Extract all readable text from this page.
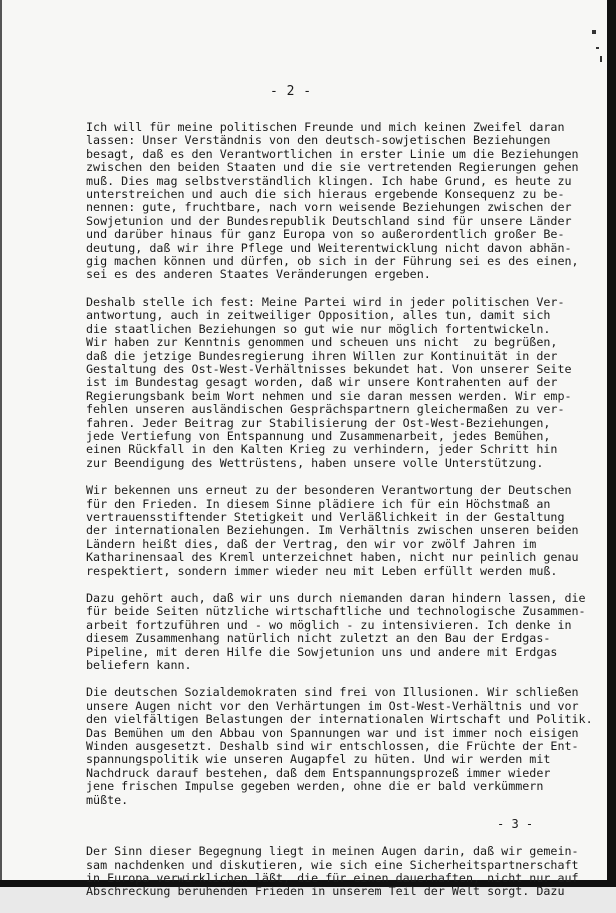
- 2 -

Ich will für meine politischen Freunde und mich keinen Zweifel daran
lassen: Unser Verständnis von den deutsch-sowjetischen Beziehungen
besagt, daß es den Verantwortlichen in erster Linie um die Beziehungen
zwischen den beiden Staaten und die sie vertretenden Regierungen gehen
muß. Dies mag selbstverständlich klingen. Ich habe Grund, es heute zu
unterstreichen und auch die sich hieraus ergebende Konsequenz zu be-
nennen: gute, fruchtbare, nach vorn weisende Beziehungen zwischen der
Sowjetunion und der Bundesrepublik Deutschland sind für unsere Länder
und darüber hinaus für ganz Europa von so außerordentlich großer Be-
deutung, daß wir ihre Pflege und Weiterentwicklung nicht davon abhän-
gig machen können und dürfen, ob sich in der Führung sei es des einen,
sei es des anderen Staates Veränderungen ergeben.

Deshalb stelle ich fest: Meine Partei wird in jeder politischen Ver-
antwortung, auch in zeitweiliger Opposition, alles tun, damit sich
die staatlichen Beziehungen so gut wie nur möglich fortentwickeln.
Wir haben zur Kenntnis genommen und scheuen uns nicht  zu begrüßen,
daß die jetzige Bundesregierung ihren Willen zur Kontinuität in der
Gestaltung des Ost-West-Verhältnisses bekundet hat. Von unserer Seite
ist im Bundestag gesagt worden, daß wir unsere Kontrahenten auf der
Regierungsbank beim Wort nehmen und sie daran messen werden. Wir emp-
fehlen unseren ausländischen Gesprächspartnern gleichermaßen zu ver-
fahren. Jeder Beitrag zur Stabilisierung der Ost-West-Beziehungen,
jede Vertiefung von Entspannung und Zusammenarbeit, jedes Bemühen,
einen Rückfall in den Kalten Krieg zu verhindern, jeder Schritt hin
zur Beendigung des Wettrüstens, haben unsere volle Unterstützung.

Wir bekennen uns erneut zu der besonderen Verantwortung der Deutschen
für den Frieden. In diesem Sinne plädiere ich für ein Höchstmaß an
vertrauensstiftender Stetigkeit und Verläßlichkeit in der Gestaltung
der internationalen Beziehungen. Im Verhältnis zwischen unseren beiden
Ländern heißt dies, daß der Vertrag, den wir vor zwölf Jahren im
Katharinensaal des Kreml unterzeichnet haben, nicht nur peinlich genau
respektiert, sondern immer wieder neu mit Leben erfüllt werden muß.

Dazu gehört auch, daß wir uns durch niemanden daran hindern lassen, die
für beide Seiten nützliche wirtschaftliche und technologische Zusammen-
arbeit fortzuführen und - wo möglich - zu intensivieren. Ich denke in
diesem Zusammenhang natürlich nicht zuletzt an den Bau der Erdgas-
Pipeline, mit deren Hilfe die Sowjetunion uns und andere mit Erdgas
beliefern kann.

Die deutschen Sozialdemokraten sind frei von Illusionen. Wir schließen
unsere Augen nicht vor den Verhärtungen im Ost-West-Verhältnis und vor
den vielfältigen Belastungen der internationalen Wirtschaft und Politik.
Das Bemühen um den Abbau von Spannungen war und ist immer noch eisigen
Winden ausgesetzt. Deshalb sind wir entschlossen, die Früchte der Ent-
spannungspolitik wie unseren Augapfel zu hüten. Und wir werden mit
Nachdruck darauf bestehen, daß dem Entspannungsprozeß immer wieder
jene frischen Impulse gegeben werden, ohne die er bald verkümmern
müßte.

Der Sinn dieser Begegnung liegt in meinen Augen darin, daß wir gemein-
sam nachdenken und diskutieren, wie sich eine Sicherheitspartnerschaft
in Europa verwirklichen läßt, die für einen dauerhaften, nicht nur auf
Abschreckung beruhenden Frieden in unserem Teil der Welt sorgt. Dazu

- 3 -
